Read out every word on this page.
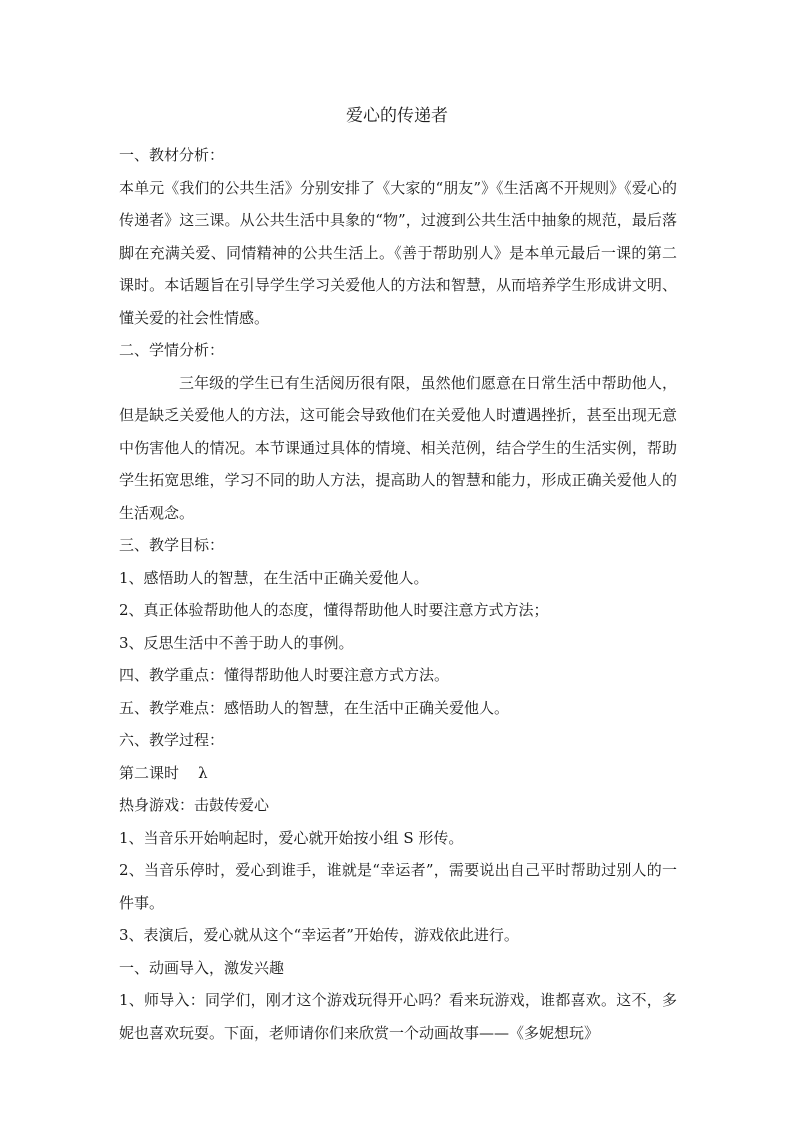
爱心的传递者

一、教材分析：

本单元《我们的公共生活》分别安排了《大家的“朋友”》《生活离不开规则》《爱心的传递者》这三课。从公共生活中具象的“物”，过渡到公共生活中抽象的规范，最后落脚在充满关爱、同情精神的公共生活上。《善于帮助别人》是本单元最后一课的第二课时。本话题旨在引导学生学习关爱他人的方法和智慧，从而培养学生形成讲文明、懂关爱的社会性情感。

二、学情分析：

三年级的学生已有生活阅历很有限，虽然他们愿意在日常生活中帮助他人，但是缺乏关爱他人的方法，这可能会导致他们在关爱他人时遭遇挫折，甚至出现无意中伤害他人的情况。本节课通过具体的情境、相关范例，结合学生的生活实例，帮助学生拓宽思维，学习不同的助人方法，提高助人的智慧和能力，形成正确关爱他人的生活观念。

三、教学目标：

1、感悟助人的智慧，在生活中正确关爱他人。

2、真正体验帮助他人的态度，懂得帮助他人时要注意方式方法；

3、反思生活中不善于助人的事例。

四、教学重点：懂得帮助他人时要注意方式方法。

五、教学难点：感悟助人的智慧，在生活中正确关爱他人。

六、教学过程：

第二课时    λ

热身游戏：击鼓传爱心

1、当音乐开始响起时，爱心就开始按小组 S 形传。

2、当音乐停时，爱心到谁手，谁就是“幸运者”，需要说出自己平时帮助过别人的一件事。

3、表演后，爱心就从这个“幸运者”开始传，游戏依此进行。

一、动画导入，激发兴趣

1、师导入：同学们，刚才这个游戏玩得开心吗？看来玩游戏，谁都喜欢。这不，多妮也喜欢玩耍。下面，老师请你们来欣赏一个动画故事——《多妮想玩》
